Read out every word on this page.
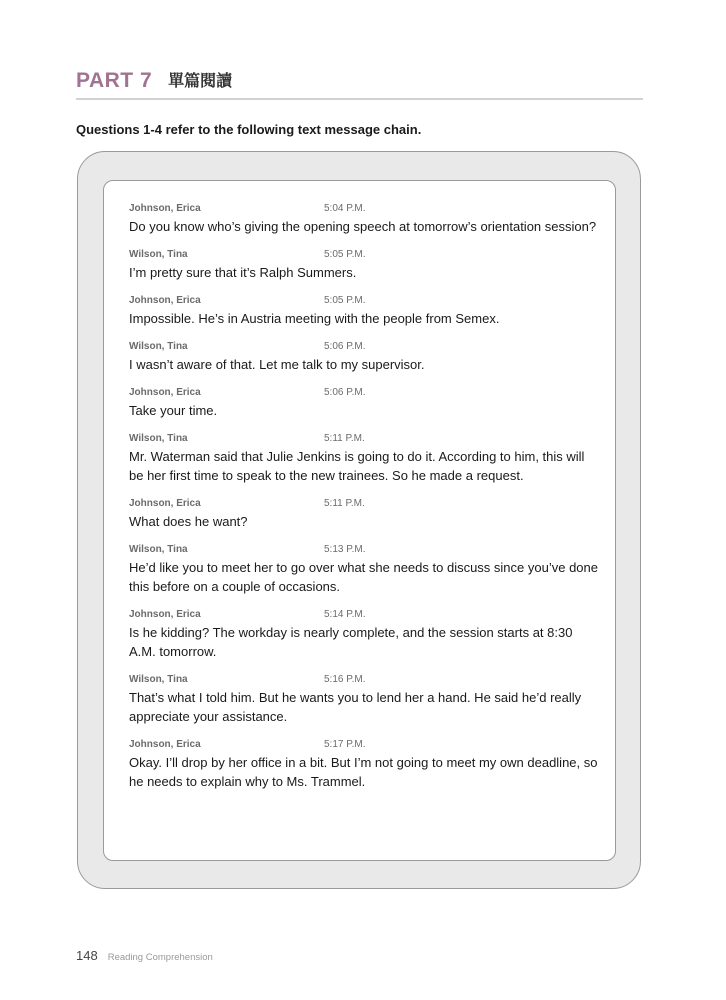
PART 7 單篇閱讀
Questions 1-4 refer to the following text message chain.
Johnson, Erica	5:04 P.M.
Do you know who’s giving the opening speech at tomorrow’s orientation session?
Wilson, Tina	5:05 P.M.
I’m pretty sure that it’s Ralph Summers.
Johnson, Erica	5:05 P.M.
Impossible. He’s in Austria meeting with the people from Semex.
Wilson, Tina	5:06 P.M.
I wasn’t aware of that. Let me talk to my supervisor.
Johnson, Erica	5:06 P.M.
Take your time.
Wilson, Tina	5:11 P.M.
Mr. Waterman said that Julie Jenkins is going to do it. According to him, this will be her first time to speak to the new trainees. So he made a request.
Johnson, Erica	5:11 P.M.
What does he want?
Wilson, Tina	5:13 P.M.
He’d like you to meet her to go over what she needs to discuss since you’ve done this before on a couple of occasions.
Johnson, Erica	5:14 P.M.
Is he kidding? The workday is nearly complete, and the session starts at 8:30 A.M. tomorrow.
Wilson, Tina	5:16 P.M.
That’s what I told him. But he wants you to lend her a hand. He said he’d really appreciate your assistance.
Johnson, Erica	5:17 P.M.
Okay. I’ll drop by her office in a bit. But I’m not going to meet my own deadline, so he needs to explain why to Ms. Trammel.
148 Reading Comprehension
